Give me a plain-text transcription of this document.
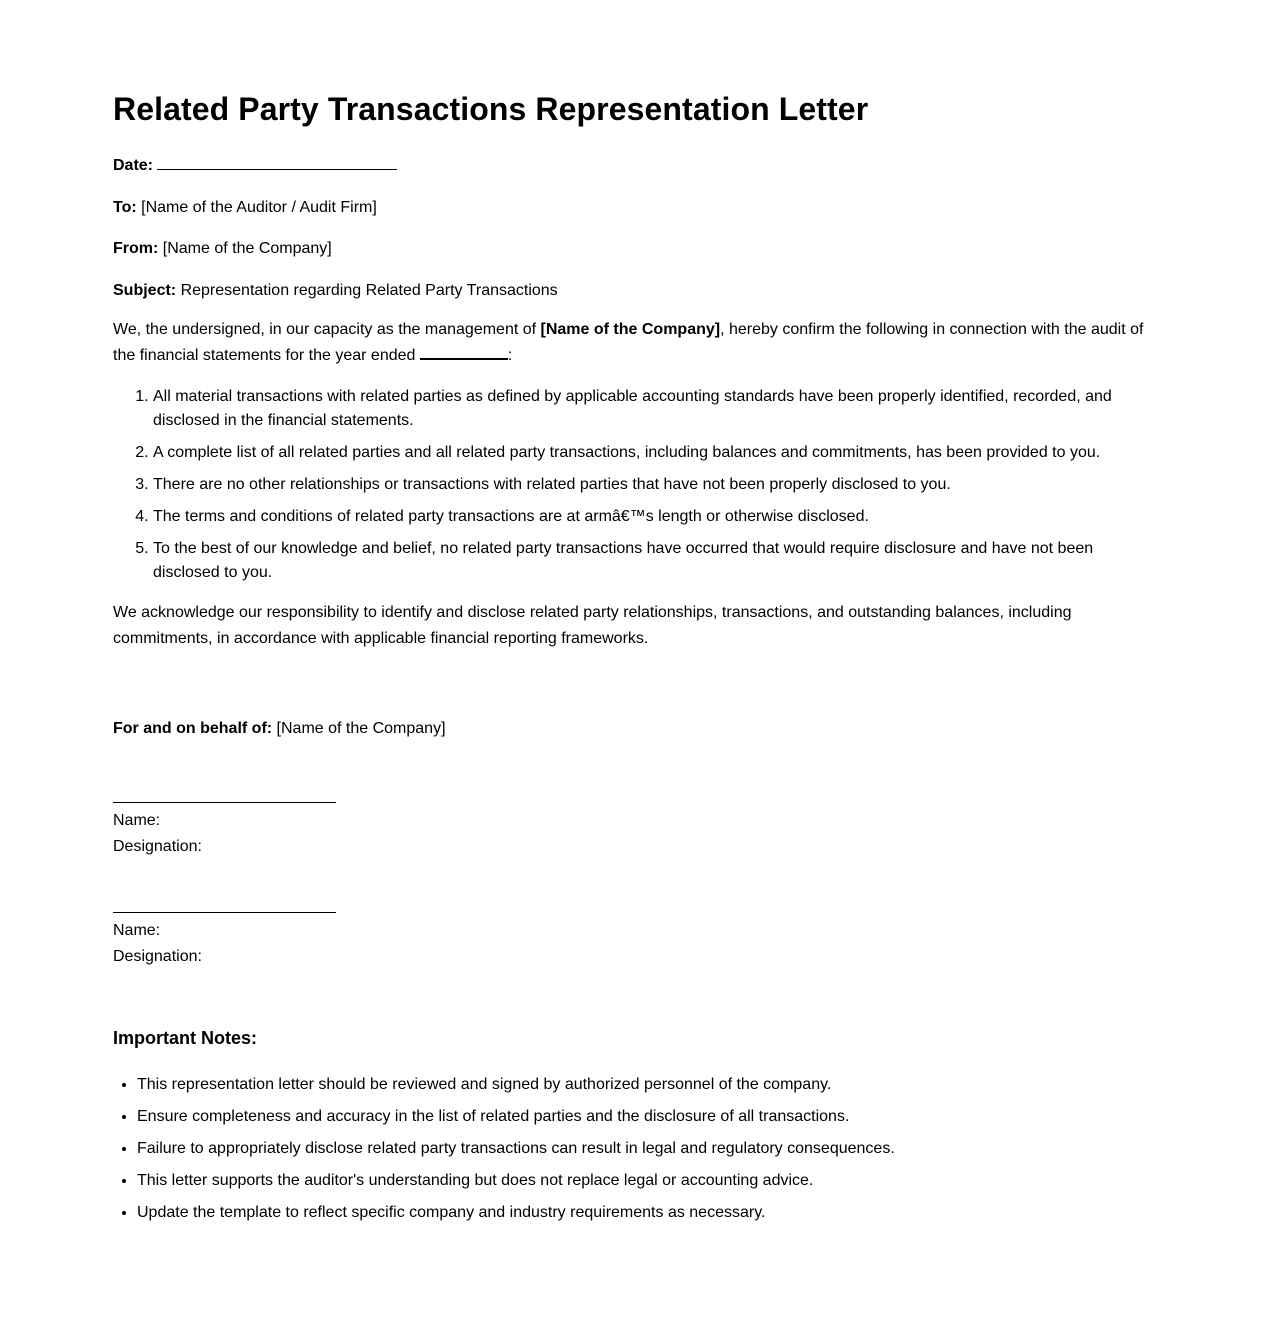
Related Party Transactions Representation Letter

Date:

To: [Name of the Auditor / Audit Firm]

From: [Name of the Company]

Subject: Representation regarding Related Party Transactions

We, the undersigned, in our capacity as the management of [Name of the Company], hereby confirm the following in connection with the audit of the financial statements for the year ended	:

1. All material transactions with related parties as defined by applicable accounting standards have been properly identified, recorded, and disclosed in the financial statements.
2. A complete list of all related parties and all related party transactions, including balances and commitments, has been provided to you.
3. There are no other relationships or transactions with related parties that have not been properly disclosed to you.
4. The terms and conditions of related party transactions are at armâ€™s length or otherwise disclosed.
5. To the best of our knowledge and belief, no related party transactions have occurred that would require disclosure and have not been disclosed to you.

We acknowledge our responsibility to identify and disclose related party relationships, transactions, and outstanding balances, including commitments, in accordance with applicable financial reporting frameworks.

For and on behalf of: [Name of the Company]

Name:

Designation:

Name:

Designation:

Important Notes:
• This representation letter should be reviewed and signed by authorized personnel of the company.
• Ensure completeness and accuracy in the list of related parties and the disclosure of all transactions.
• Failure to appropriately disclose related party transactions can result in legal and regulatory consequences.
• This letter supports the auditor's understanding but does not replace legal or accounting advice.
• Update the template to reflect specific company and industry requirements as necessary.
